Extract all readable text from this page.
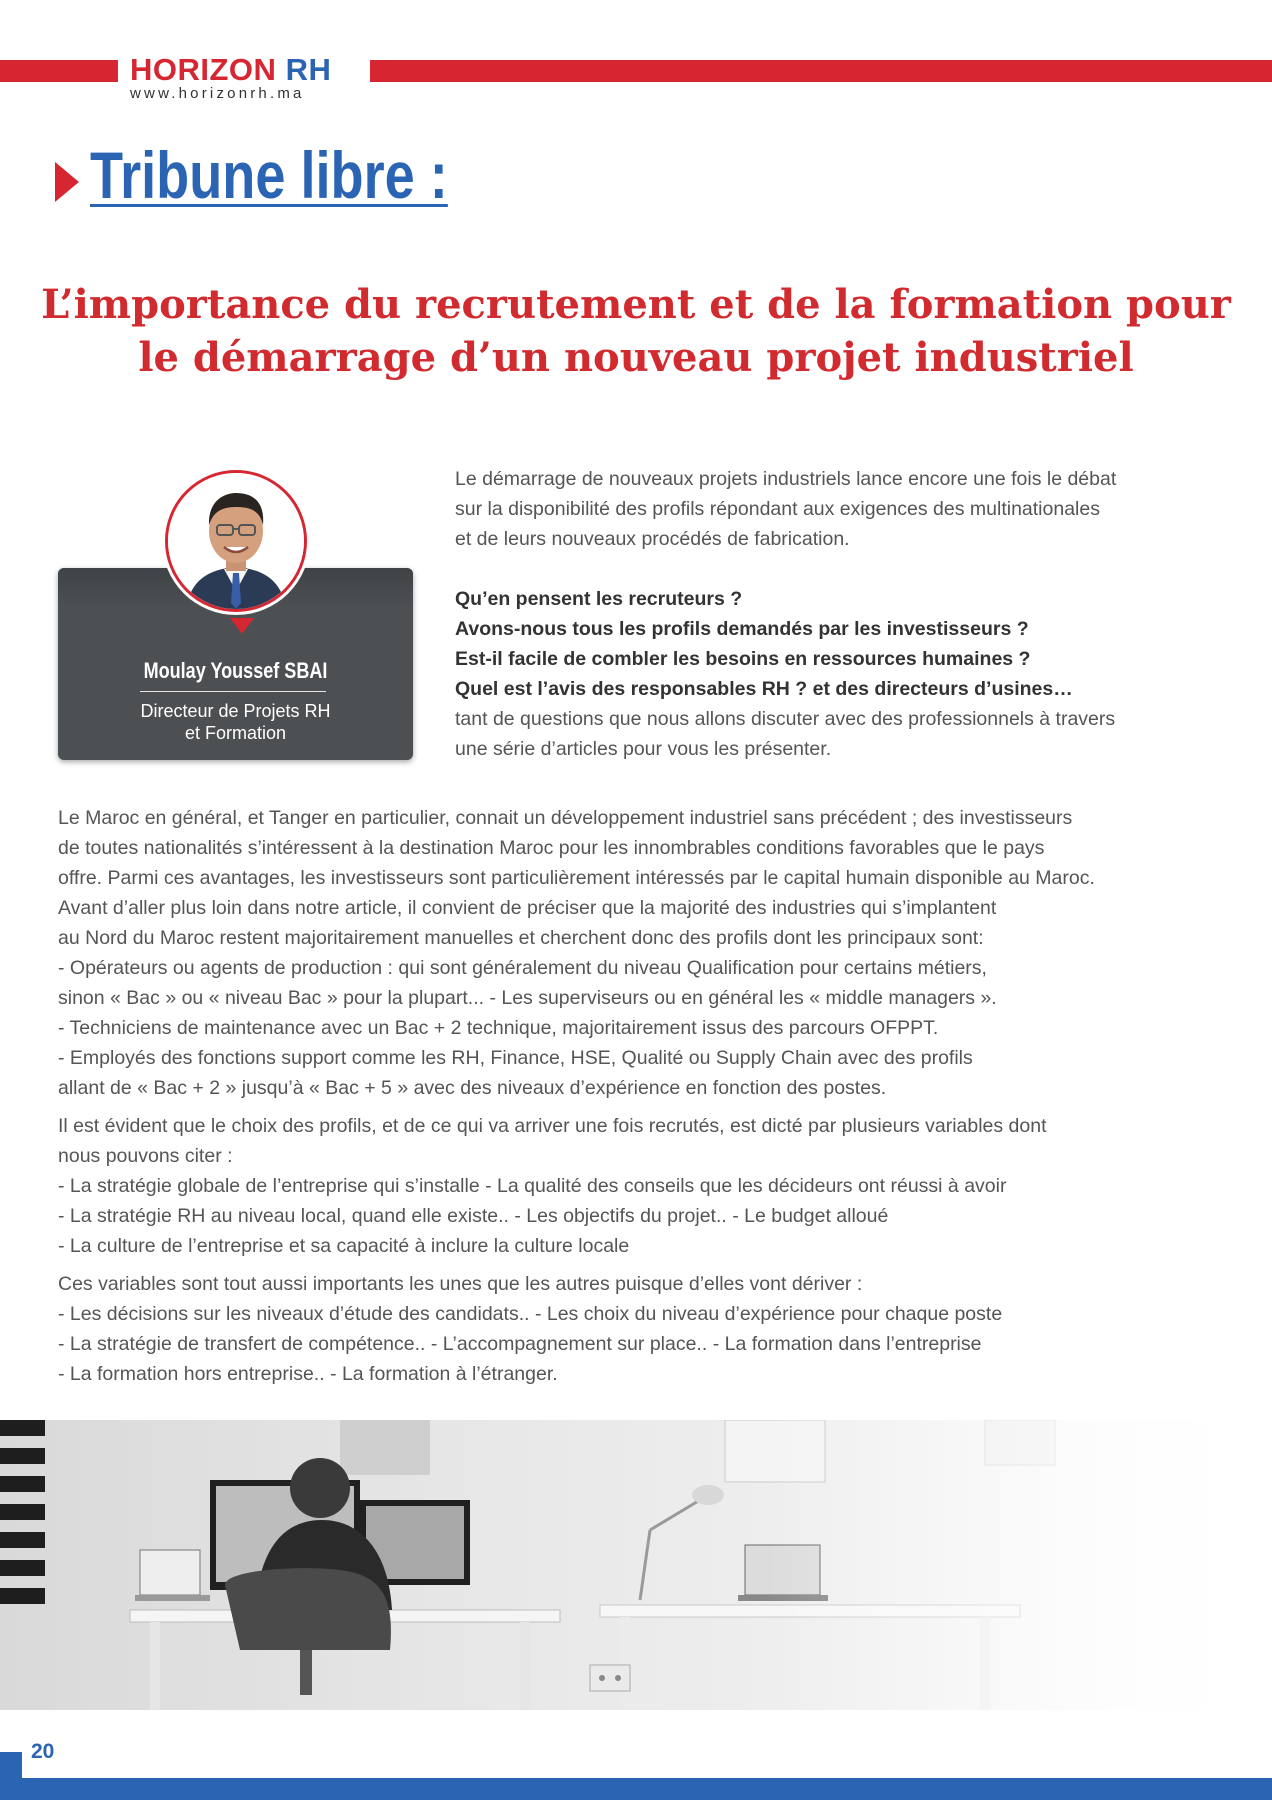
HORIZON RH
www.horizonrh.ma
Tribune libre :
L’importance du recrutement et de la formation pour
le démarrage d’un nouveau projet industriel
Moulay Youssef SBAI
Directeur de Projets RH
et Formation

Le démarrage de nouveaux projets industriels lance encore une fois le débat

sur la disponibilité des profils répondant aux exigences des multinationales

et de leurs nouveaux procédés de fabrication.

Qu’en pensent les recruteurs ?

Avons-nous tous les profils demandés par les investisseurs ?

Est-il facile de combler les besoins en ressources humaines ?

Quel est l’avis des responsables RH ? et des directeurs d’usines…

tant de questions que nous allons discuter avec des professionnels à travers

une série d’articles pour vous les présenter.

Le Maroc en général, et Tanger en particulier, connait un développement industriel sans précédent ; des investisseurs

de toutes nationalités s’intéressent à la destination Maroc pour les innombrables conditions favorables que le pays

offre. Parmi ces avantages, les investisseurs sont particulièrement intéressés par le capital humain disponible au Maroc.

Avant d’aller plus loin dans notre article, il convient de préciser que la majorité des industries qui s’implantent

au Nord du Maroc restent majoritairement manuelles et cherchent donc des profils dont les principaux sont:

- Opérateurs ou agents de production : qui sont généralement du niveau Qualification pour certains métiers,

sinon « Bac » ou « niveau Bac » pour la plupart... - Les superviseurs ou en général les « middle managers ».

- Techniciens de maintenance avec un Bac + 2 technique, majoritairement issus des parcours OFPPT.

- Employés des fonctions support comme les RH, Finance, HSE, Qualité ou Supply Chain avec des profils

allant de « Bac + 2 » jusqu’à « Bac + 5 » avec des niveaux d’expérience en fonction des postes.

Il est évident que le choix des profils, et de ce qui va arriver une fois recrutés, est dicté par plusieurs variables dont

nous pouvons citer :

- La stratégie globale de l’entreprise qui s’installe - La qualité des conseils que les décideurs ont réussi à avoir

- La stratégie RH au niveau local, quand elle existe.. - Les objectifs du projet.. - Le budget alloué

- La culture de l’entreprise et sa capacité à inclure la culture locale

Ces variables sont tout aussi importants les unes que les autres puisque d’elles vont dériver :

- Les décisions sur les niveaux d’étude des candidats.. - Les choix du niveau d’expérience pour chaque poste

- La stratégie de transfert de compétence.. - L’accompagnement sur place.. - La formation dans l’entreprise

- La formation hors entreprise.. - La formation à l’étranger.

20
